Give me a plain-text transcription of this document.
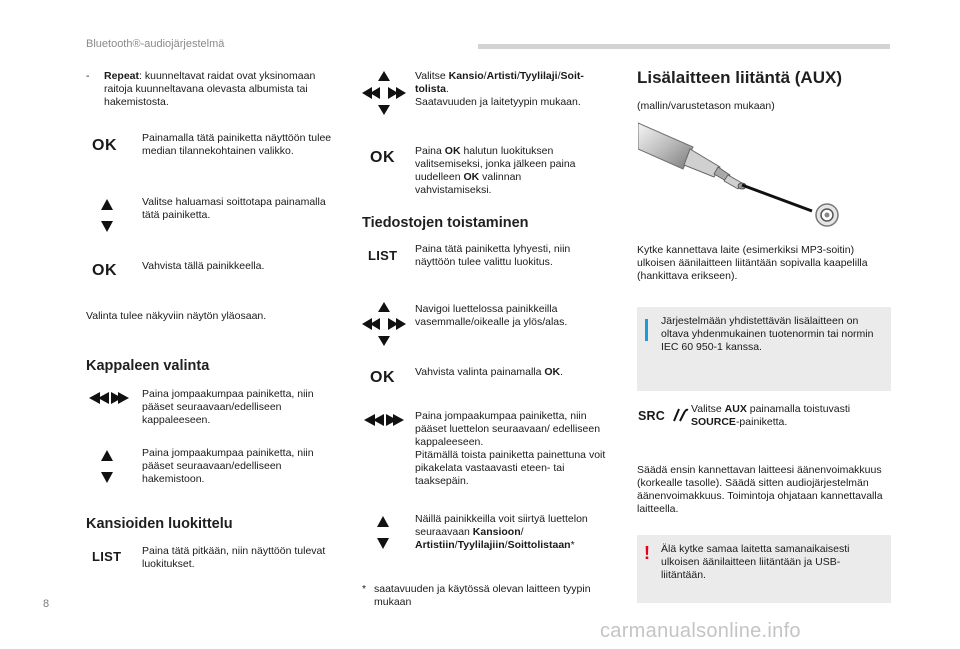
Bluetooth®-audiojärjestelmä
-	Repeat: kuunneltavat raidat ovat yksinomaan raitoja kuunneltavana olevasta albumista tai hakemistosta.
OK Painamalla tätä painiketta näyttöön tulee median tilannekohtainen valikko.
Valitse haluamasi soittotapa painamalla tätä painiketta.
OK Vahvista tällä painikkeella.
Valinta tulee näkyviin näytön yläosaan.
Kappaleen valinta
Paina jompaakumpaa painiketta, niin pääset seuraavaan/edelliseen kappaleeseen.
Paina jompaakumpaa painiketta, niin pääset seuraavaan/edelliseen hakemistoon.
Kansioiden luokittelu
LIST Paina tätä pitkään, niin näyttöön tulevat luokitukset.
Valitse Kansio/Artisti/Tyylilaji/Soit-tolista.
Saatavuuden ja laitetyypin mukaan.
OK Paina OK halutun luokituksen valitsemiseksi, jonka jälkeen paina uudelleen OK valinnan vahvistamiseksi.
Tiedostojen toistaminen
LIST Paina tätä painiketta lyhyesti, niin näyttöön tulee valittu luokitus.
Navigoi luettelossa painikkeilla vasemmalle/oikealle ja ylös/alas.
OK Vahvista valinta painamalla OK.
Paina jompaakumpaa painiketta, niin pääset luettelon seuraavaan/ edelliseen kappaleeseen.
Pitämällä toista painiketta painettuna voit pikakelata vastaavasti eteen- tai taaksepäin.
Näillä painikkeilla voit siirtyä luettelon seuraavaan Kansioon/
Artistiin/Tyylilajiin/Soittolistaan*
* saatavuuden ja käytössä olevan laitteen tyypin mukaan
Lisälaitteen liitäntä (AUX)
(mallin/varustetason mukaan)
Kytke kannettava laite (esimerkiksi MP3-soitin) ulkoisen äänilaitteen liitäntään sopivalla kaapelilla (hankittava erikseen).
Järjestelmään yhdistettävän lisälaitteen on oltava yhdenmukainen tuotenormin tai normin IEC 60 950-1 kanssa.
SRC	Valitse AUX painamalla toistuvasti SOURCE-painiketta.
Säädä ensin kannettavan laitteesi äänenvoimakkuus (korkealle tasolle). Säädä sitten audiojärjestelmän äänenvoimakkuus. Toimintoja ohjataan kannettavalla laitteella.
! Älä kytke samaa laitetta samanaikaisesti ulkoisen äänilaitteen liitäntään ja USB-liitäntään.
8
carmanualsonline.info
